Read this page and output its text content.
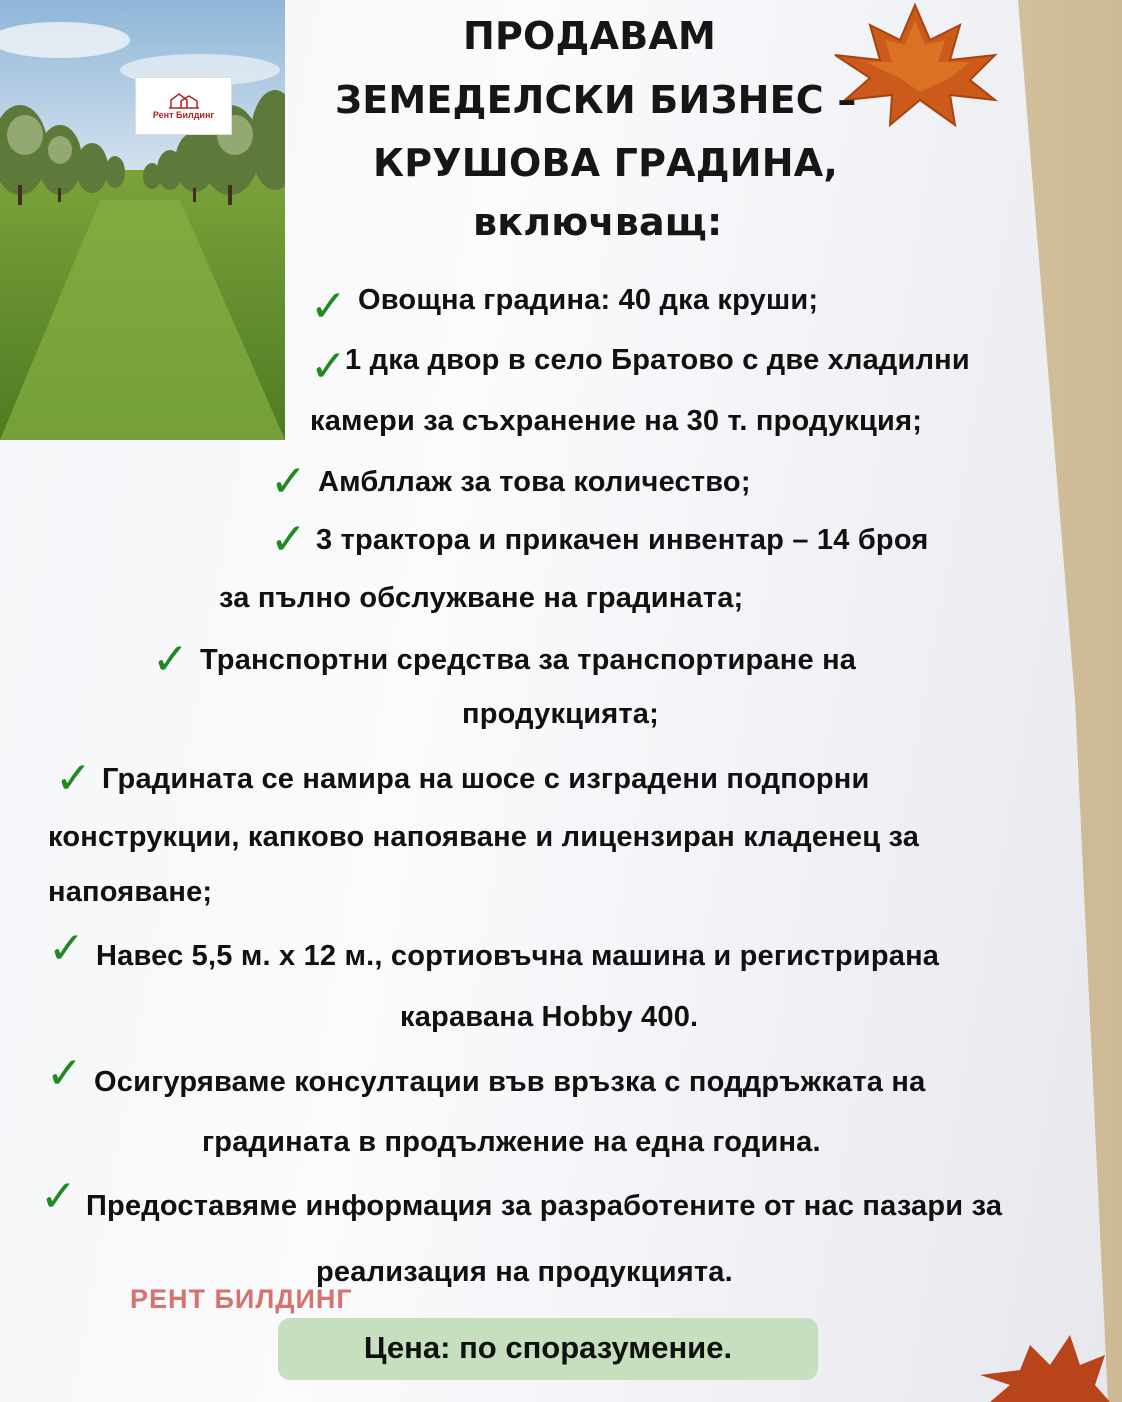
Рент Билдинг
ПРОДАВАМ
ЗЕМЕДЕЛСКИ БИЗНЕС –
КРУШОВА ГРАДИНА,
включващ:
✓ Овощна градина: 40 дка круши;
✓
1 дка двор в село Братово с две хладилни
камери за съхранение на 30 т. продукция;
✓ Амбллаж за това количество;
✓ 3 трактора и прикачен инвентар – 14 броя
за пълно обслужване на градината;
✓ Транспортни средства за транспортиране на
продукцията;
✓ Градината се намира на шосе с изградени подпорни
конструкции, капково напояване и лицензиран кладенец за
напояване;
✓ Навес 5,5 м. х 12 м., сортиовъчна машина и регистрирана
каравана Hobby 400.
✓ Осигуряваме консултации във връзка с поддръжката на
градината в продължение на една година.
✓ Предоставяме информация за разработените от нас пазари за
реализация на продукцията.
РЕНТ БИЛДИНГ
Цена: по споразумение.
